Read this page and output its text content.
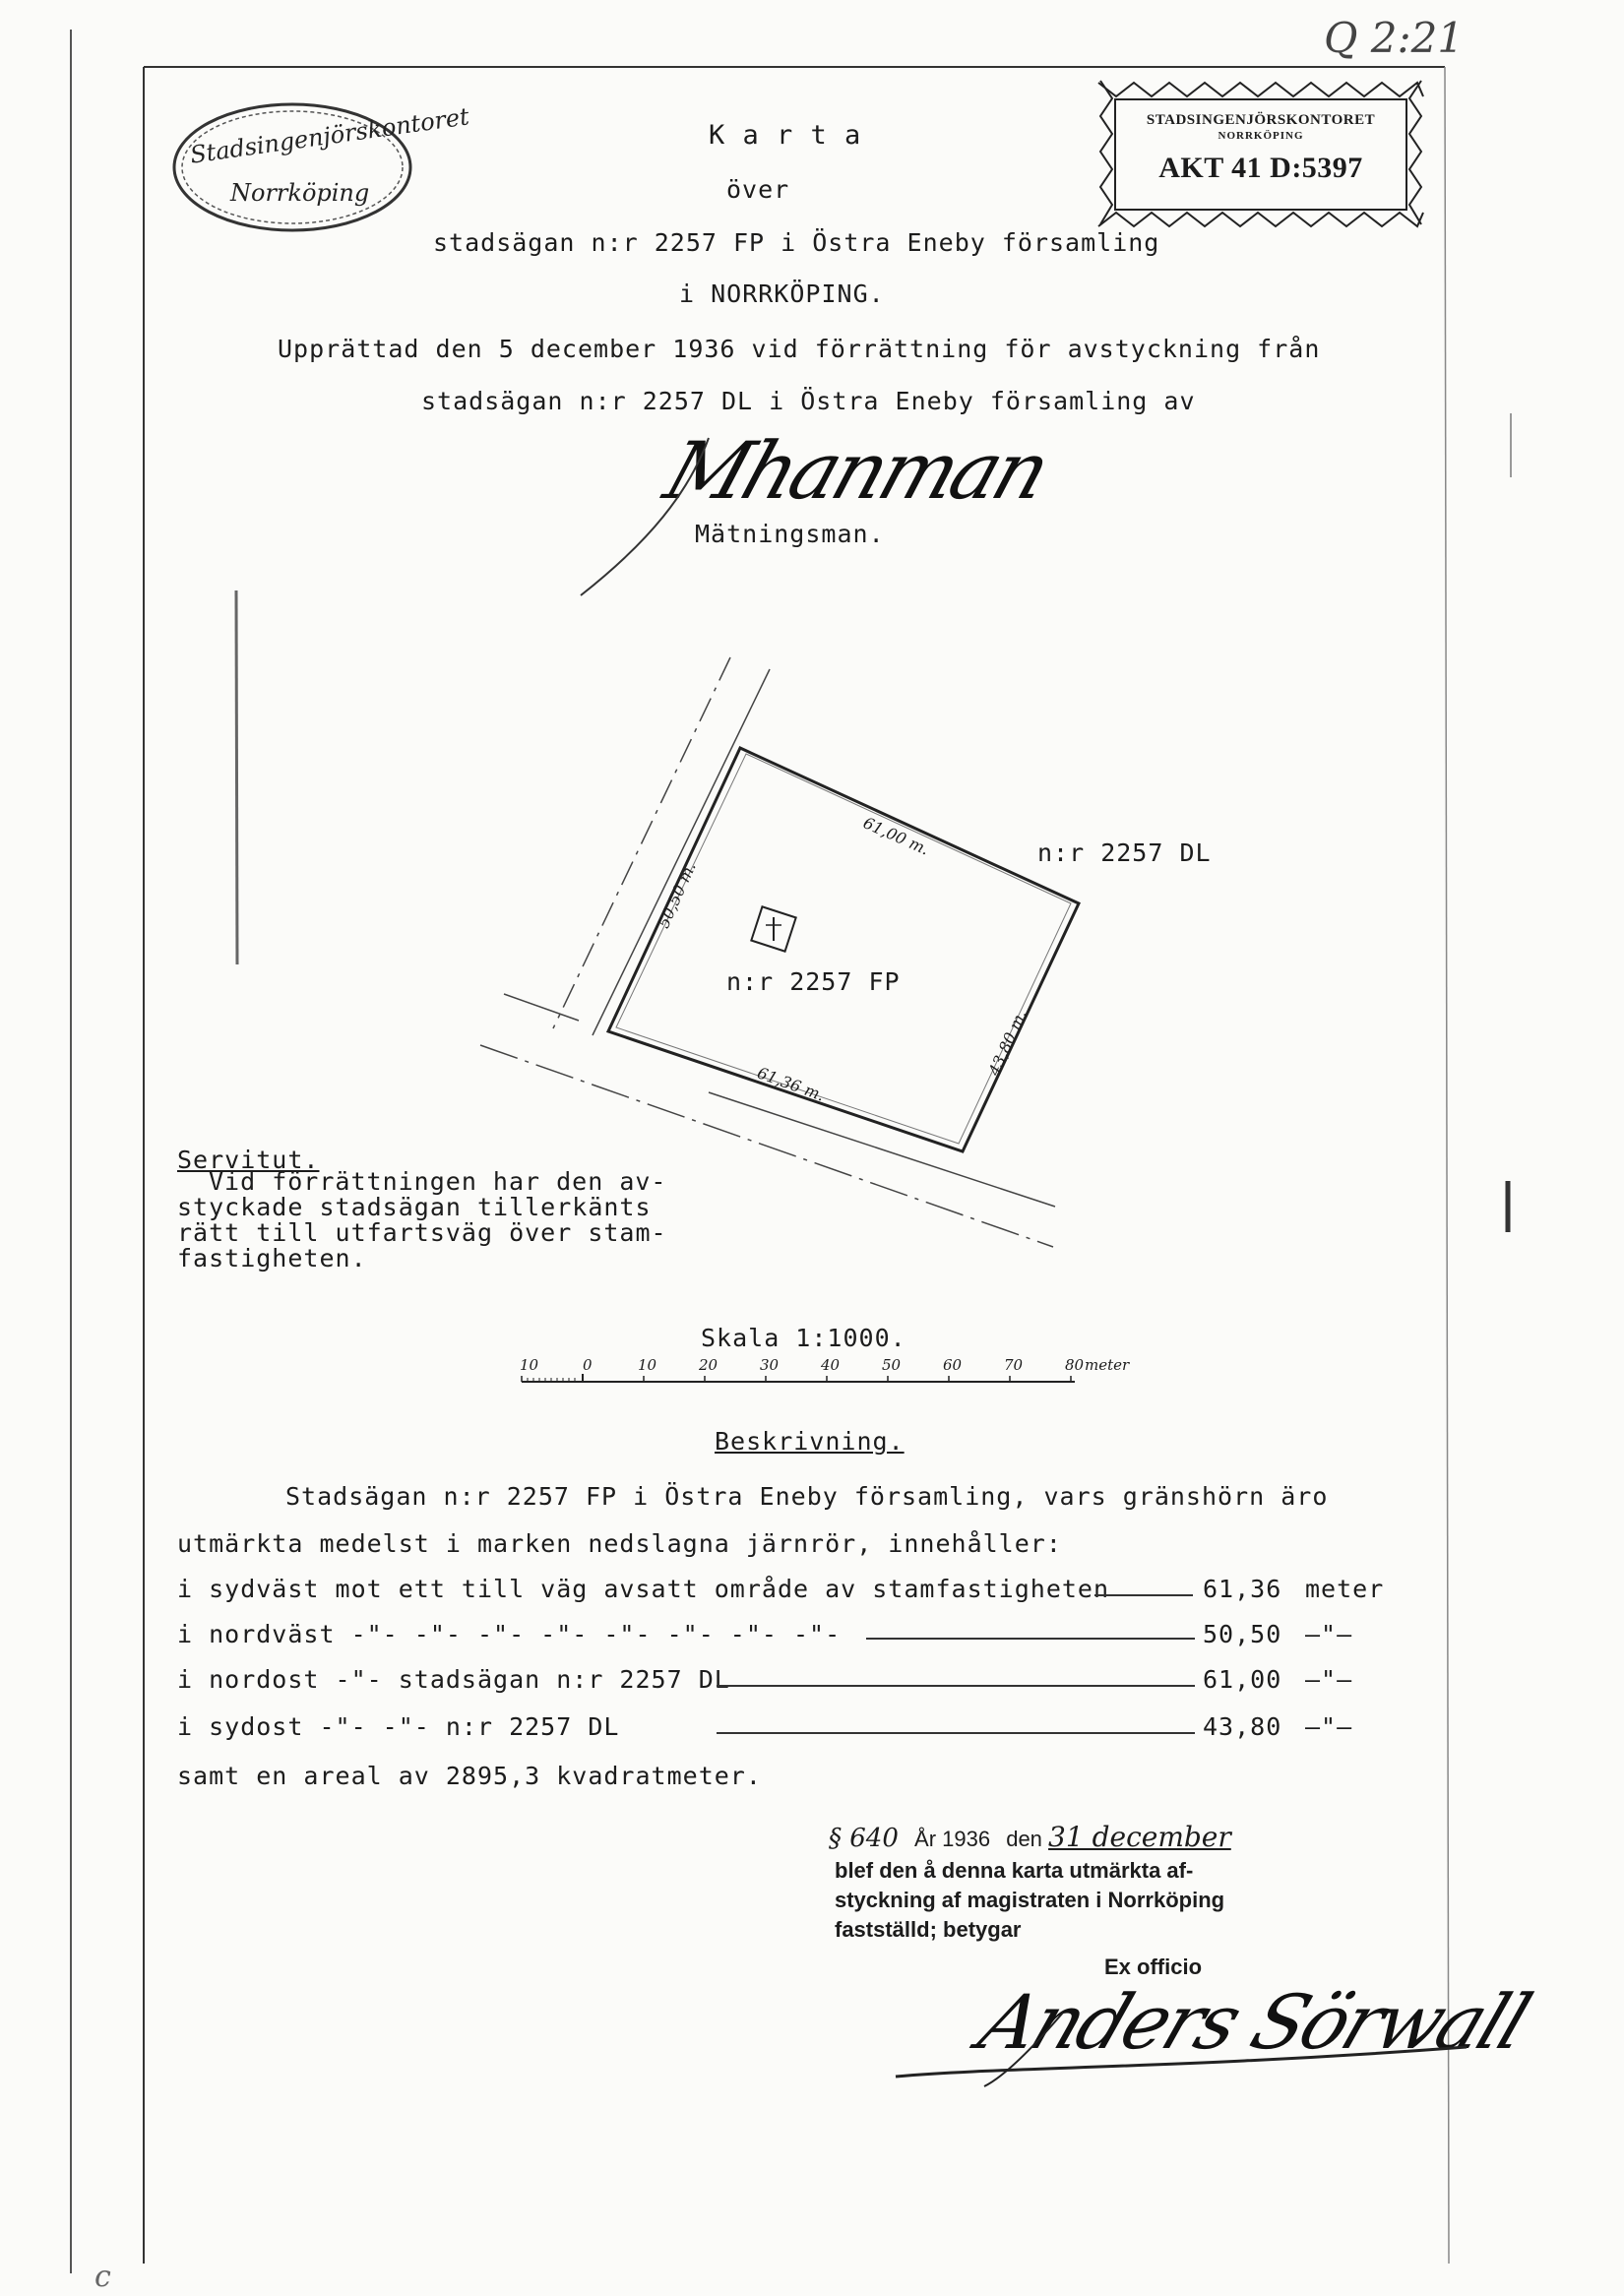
Q 2:21
Stadsingenjörskontoret
Norrköping
STADSINGENJÖRSKONTORET
NORRKÖPING
AKT 41 D:5397
K a r t a
över
stadsägan n:r 2257 FP i Östra Eneby församling
i NORRKÖPING.
Upprättad den 5 december 1936 vid förrättning för avstyckning från
stadsägan n:r 2257 DL i Östra Eneby församling av
Mhanman
Mätningsman.
n:r 2257 FP
n:r 2257 DL
61,00 m.
50,50 m.
43,80 m.
61,36 m.
Servitut.
Vid förrättningen har den av-
styckade stadsägan tillerkänts
rätt till utfartsväg över stam-
fastigheten.
Skala 1:1000.
10	0	10	20	30	40	50	60	70	80 meter
Beskrivning.
Stadsägan n:r 2257 FP i Östra Eneby församling, vars gränshörn äro
utmärkta medelst i marken nedslagna järnrör, innehåller:
i sydväst mot ett till väg avsatt område av stamfastigheten	61,36 meter
i nordväst -"- -"- -"- -"- -"- -"- -"- -"-	50,50 —"—
i nordost -"- stadsägan n:r 2257 DL	61,00 —"—
i sydost -"- -"- n:r 2257 DL	43,80 —"—
samt en areal av 2895,3 kvadratmeter.
§ 640 År 1936 den 31 december
blef den å denna karta utmärkta af-
styckning af magistraten i Norrköping
fastställd; betygar
Ex officio
Anders Sörwall
c
